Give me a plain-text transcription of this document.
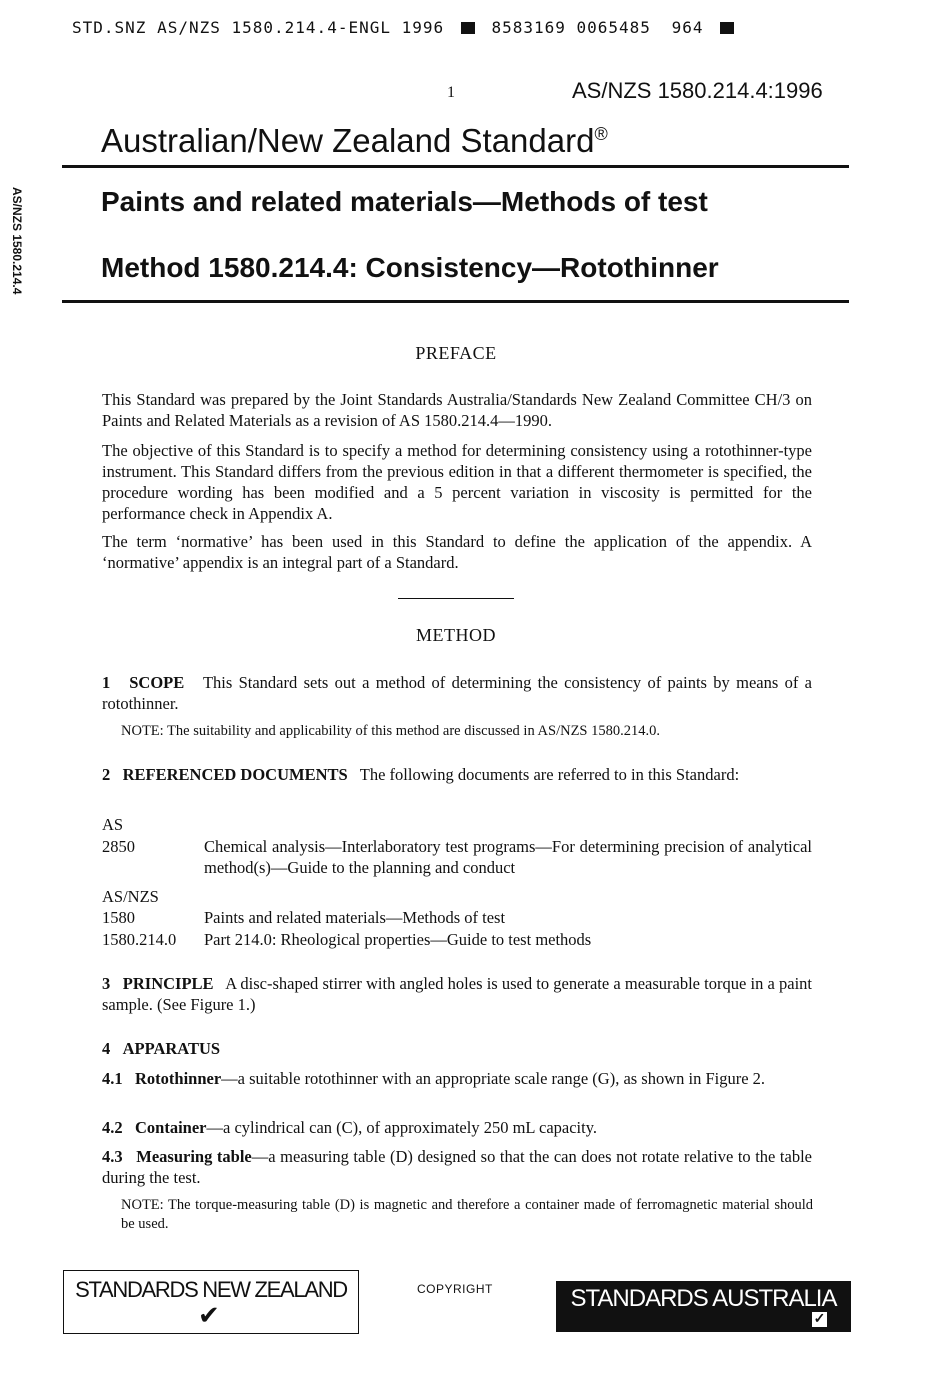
STD.SNZ AS/NZS 1580.214.4-ENGL 1996	8583169 0065485 964
1	AS/NZS 1580.214.4:1996
AS/NZS 1580.214.4
Australian/New Zealand Standard®
Paints and related materials—Methods of test
Method 1580.214.4: Consistency—Rotothinner
PREFACE
This Standard was prepared by the Joint Standards Australia/Standards New Zealand Committee CH/3 on Paints and Related Materials as a revision of AS 1580.214.4—1990.
The objective of this Standard is to specify a method for determining consistency using a rotothinner-type instrument. This Standard differs from the previous edition in that a different thermometer is specified, the procedure wording has been modified and a 5 percent variation in viscosity is permitted for the performance check in Appendix A.
The term ‘normative’ has been used in this Standard to define the application of the appendix. A ‘normative’ appendix is an integral part of a Standard.
METHOD
1 SCOPE This Standard sets out a method of determining the consistency of paints by means of a rotothinner.
NOTE: The suitability and applicability of this method are discussed in AS/NZS 1580.214.0.
2 REFERENCED DOCUMENTS The following documents are referred to in this Standard:
AS
2850	Chemical analysis—Interlaboratory test programs—For determining precision of analytical method(s)—Guide to the planning and conduct
AS/NZS
1580	Paints and related materials—Methods of test
1580.214.0 Part 214.0: Rheological properties—Guide to test methods
3 PRINCIPLE A disc-shaped stirrer with angled holes is used to generate a measurable torque in a paint sample. (See Figure 1.)
4 APPARATUS
4.1 Rotothinner—a suitable rotothinner with an appropriate scale range (G), as shown in Figure 2.
4.2 Container—a cylindrical can (C), of approximately 250 mL capacity.
4.3 Measuring table—a measuring table (D) designed so that the can does not rotate relative to the table during the test.
NOTE: The torque-measuring table (D) is magnetic and therefore a container made of ferromagnetic material should be used.
STANDARDS NEW ZEALAND
✔
COPYRIGHT	STANDARDS AUSTRALIA
✓
